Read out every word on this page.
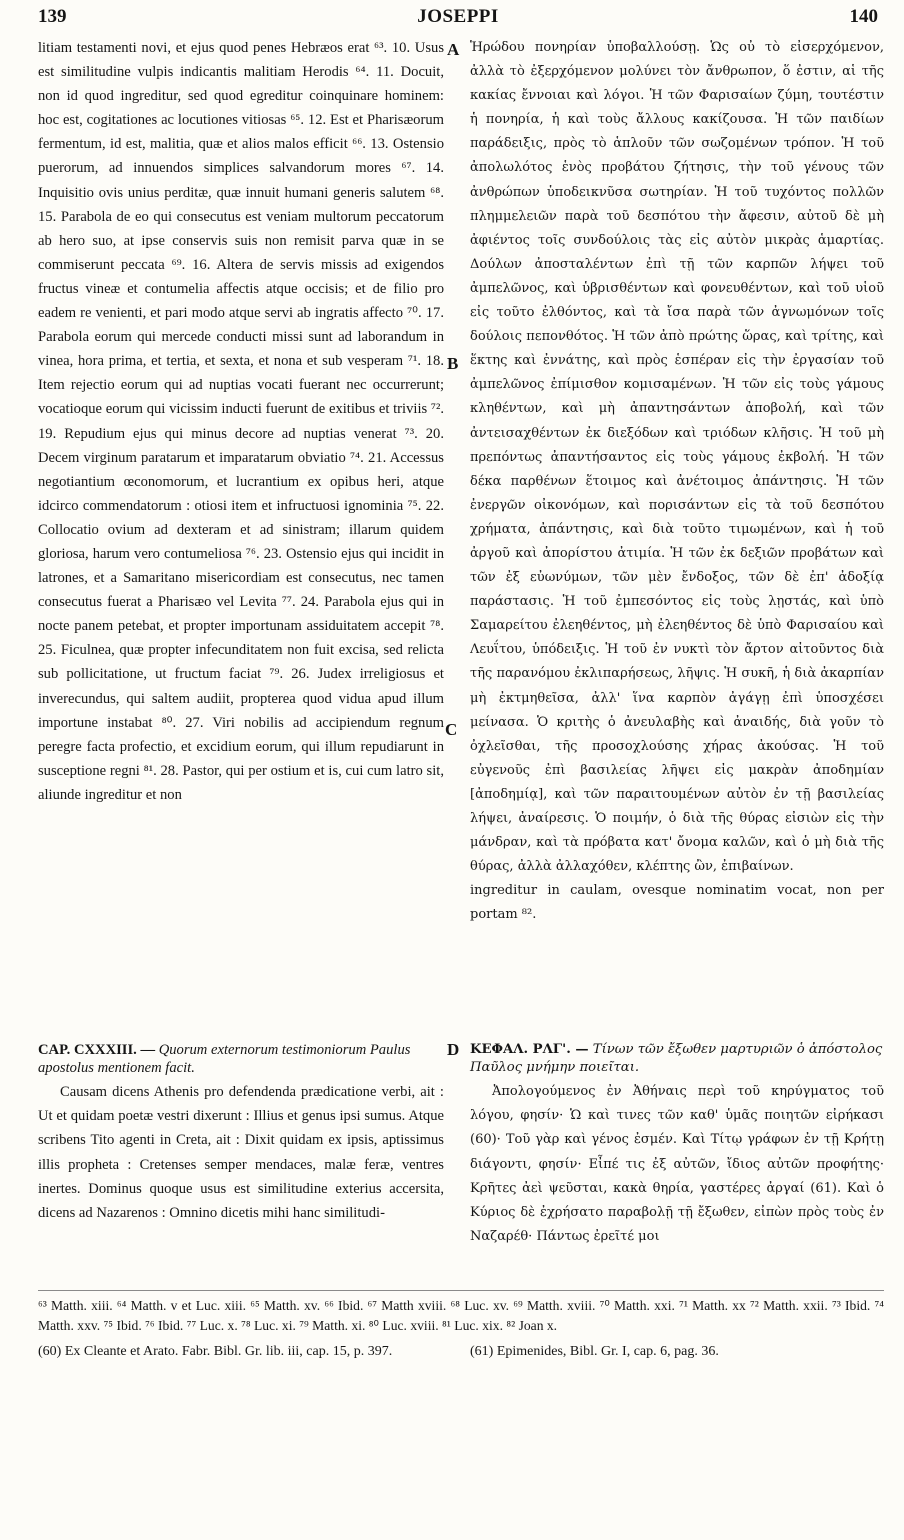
139	JOSEPPI	140

litiam testamenti novi, et ejus quod penes Hebræos erat ⁶³. 10. Usus est similitudine vulpis indicantis malitiam Herodis ⁶⁴. 11. Docuit, non id quod ingreditur, sed quod egreditur coinquinare hominem: hoc est, cogitationes ac locutiones vitiosas ⁶⁵. 12. Est et Pharisæorum fermentum, id est, malitia, quæ et alios malos efficit ⁶⁶. 13. Ostensio puerorum, ad innuendos simplices salvandorum mores ⁶⁷. 14. Inquisitio ovis unius perditæ, quæ innuit humani generis salutem ⁶⁸. 15. Parabola de eo qui consecutus est veniam multorum peccatorum ab hero suo, at ipse conservis suis non remisit parva quæ in se commiserunt peccata ⁶⁹. 16. Altera de servis missis ad exigendos fructus vineæ et contumelia affectis atque occisis; et de filio pro eadem re venienti, et pari modo atque servi ab ingratis affecto ⁷⁰. 17. Parabola eorum qui mercede conducti missi sunt ad laborandum in vinea, hora prima, et tertia, et sexta, et nona et sub vesperam ⁷¹. 18. Item rejectio eorum qui ad nuptias vocati fuerant nec occurrerunt; vocatioque eorum qui vicissim inducti fuerunt de exitibus et triviis ⁷². 19. Repudium ejus qui minus decore ad nuptias venerat ⁷³. 20. Decem virginum paratarum et imparatarum obviatio ⁷⁴. 21. Accessus negotiantium œconomorum, et lucrantium ex opibus heri, atque idcirco commendatorum : otiosi item et infructuosi ignominia ⁷⁵. 22. Collocatio ovium ad dexteram et ad sinistram; illarum quidem gloriosa, harum vero contumeliosa ⁷⁶. 23. Ostensio ejus qui incidit in latrones, et a Samaritano misericordiam est consecutus, nec tamen consecutus fuerat a Pharisæo vel Levita ⁷⁷. 24. Parabola ejus qui in nocte panem petebat, et propter importunam assiduitatem accepit ⁷⁸. 25. Ficulnea, quæ propter infecunditatem non fuit excisa, sed relicta sub pollicitatione, ut fructum faciat ⁷⁹. 26. Judex irreligiosus et inverecundus, qui saltem audiit, propterea quod vidua apud illum importune instabat ⁸⁰. 27. Viri nobilis ad accipiendum regnum peregre facta profectio, et excidium eorum, qui illum repudiarunt in susceptione regni ⁸¹. 28. Pastor, qui per ostium et is, cui cum latro sit, aliunde ingreditur et non

Ἡρώδου πονηρίαν ὑποβαλλούσῃ. Ὡς οὐ τὸ εἰσερχόμενον, ἀλλὰ τὸ ἐξερχόμενον μολύνει τὸν ἄνθρωπον, ὅ ἐστιν, αἱ τῆς κακίας ἔννοιαι καὶ λόγοι. Ἡ τῶν Φαρισαίων ζύμη, τουτέστιν ἡ πονηρία, ἡ καὶ τοὺς ἄλλους κακίζουσα. Ἡ τῶν παιδίων παράδειξις, πρὸς τὸ ἁπλοῦν τῶν σωζομένων τρόπον. Ἡ τοῦ ἀπολωλότος ἑνὸς προβάτου ζήτησις, τὴν τοῦ γένους τῶν ἀνθρώπων ὑποδεικνῦσα σωτηρίαν. Ἡ τοῦ τυχόντος πολλῶν πλημμελειῶν παρὰ τοῦ δεσπότου τὴν ἄφεσιν, αὐτοῦ δὲ μὴ ἀφιέντος τοῖς συνδούλοις τὰς εἰς αὐτὸν μικρὰς ἁμαρτίας. Δούλων ἀποσταλέντων ἐπὶ τῇ τῶν καρπῶν λήψει τοῦ ἀμπελῶνος, καὶ ὑβρισθέντων καὶ φονευθέντων, καὶ τοῦ υἱοῦ εἰς τοῦτο ἐλθόντος, καὶ τὰ ἴσα παρὰ τῶν ἀγνωμόνων τοῖς δούλοις πεπονθότος. Ἡ τῶν ἀπὸ πρώτης ὥρας, καὶ τρίτης, καὶ ἕκτης καὶ ἐννάτης, καὶ πρὸς ἑσπέραν εἰς τὴν ἐργασίαν τοῦ ἀμπελῶνος ἐπίμισθον κομισαμένων. Ἡ τῶν εἰς τοὺς γάμους κληθέντων, καὶ μὴ ἀπαντησάντων ἀποβολή, καὶ τῶν ἀντεισαχθέντων ἐκ διεξόδων καὶ τριόδων κλῆσις. Ἡ τοῦ μὴ πρεπόντως ἀπαντήσαντος εἰς τοὺς γάμους ἐκβολή. Ἡ τῶν δέκα παρθένων ἕτοιμος καὶ ἀνέτοιμος ἀπάντησις. Ἡ τῶν ἐνεργῶν οἰκονόμων, καὶ πορισάντων εἰς τὰ τοῦ δεσπότου χρήματα, ἀπάντησις, καὶ διὰ τοῦτο τιμωμένων, καὶ ἡ τοῦ ἀργοῦ καὶ ἀπορίστου ἀτιμία. Ἡ τῶν ἐκ δεξιῶν προβάτων καὶ τῶν ἐξ εὐωνύμων, τῶν μὲν ἔνδοξος, τῶν δὲ ἐπ' ἀδοξίᾳ παράστασις. Ἡ τοῦ ἐμπεσόντος εἰς τοὺς λῃστάς, καὶ ὑπὸ Σαμαρείτου ἐλεηθέντος, μὴ ἐλεηθέντος δὲ ὑπὸ Φαρισαίου καὶ Λευΐτου, ὑπόδειξις. Ἡ τοῦ ἐν νυκτὶ τὸν ἄρτον αἰτοῦντος διὰ τῆς παρανόμου ἐκλιπαρήσεως, λῆψις. Ἡ συκῆ, ἡ διὰ ἀκαρπίαν μὴ ἐκτμηθεῖσα, ἀλλ' ἵνα καρπὸν ἀγάγῃ ἐπὶ ὑποσχέσει μείνασα. Ὁ κριτὴς ὁ ἀνευλαβὴς καὶ ἀναιδής, διὰ γοῦν τὸ ὀχλεῖσθαι, τῆς προσοχλούσης χήρας ἀκούσας. Ἡ τοῦ εὐγενοῦς ἐπὶ βασιλείας λῆψει εἰς μακρὰν ἀποδημίαν [ἀποδημίᾳ], καὶ τῶν παραιτουμένων αὐτὸν ἐν τῇ βασιλείας λήψει, ἀναίρεσις. Ὁ ποιμήν, ὁ διὰ τῆς θύρας εἰσιὼν εἰς τὴν μάνδραν, καὶ τὰ πρόβατα κατ' ὄνομα καλῶν, καὶ ὁ μὴ διὰ τῆς θύρας, ἀλλὰ ἀλλαχόθεν, κλέπτης ὢν, ἐπιβαίνων.

ingreditur in caulam, ovesque nominatim vocat, non per portam ⁸².

A
B
C
D
CAP. CXXXIII. — Quorum externorum testimoniorum Paulus apostolus mentionem facit.
ΚΕΦΑΛ. ΡΛΓ'. — Τίνων τῶν ἔξωθεν μαρτυριῶν ὁ ἀπόστολος Παῦλος μνήμην ποιεῖται.

Causam dicens Athenis pro defendenda prædicatione verbi, ait : Ut et quidam poetæ vestri dixerunt : Illius et genus ipsi sumus. Atque scribens Tito agenti in Creta, ait : Dixit quidam ex ipsis, aptissimus illis propheta : Cretenses semper mendaces, malæ feræ, ventres inertes. Dominus quoque usus est similitudine exterius accersita, dicens ad Nazarenos : Omnino dicetis mihi hanc similitudi-

Ἀπολογούμενος ἐν Ἀθήναις περὶ τοῦ κηρύγματος τοῦ λόγου, φησίν· Ὡ καὶ τινες τῶν καθ' ὑμᾶς ποιητῶν εἰρήκασι (60)· Τοῦ γὰρ καὶ γένος ἐσμέν. Καὶ Τίτῳ γράφων ἐν τῇ Κρήτῃ διάγοντι, φησίν· Εἶπέ τις ἐξ αὐτῶν, ἴδιος αὐτῶν προφήτης· Κρῆτες ἀεὶ ψεῦσται, κακὰ θηρία, γαστέρες ἀργαί (61). Καὶ ὁ Κύριος δὲ ἐχρήσατο παραβολῇ τῇ ἔξωθεν, εἰπὼν πρὸς τοὺς ἐν Ναζαρέθ· Πάντως ἐρεῖτέ μοι

⁶³ Matth. xiii. ⁶⁴ Matth. v et Luc. xiii. ⁶⁵ Matth. xv. ⁶⁶ Ibid. ⁶⁷ Matth xviii. ⁶⁸ Luc. xv. ⁶⁹ Matth. xviii. ⁷⁰ Matth. xxi. ⁷¹ Matth. xx ⁷² Matth. xxii. ⁷³ Ibid. ⁷⁴ Matth. xxv. ⁷⁵ Ibid. ⁷⁶ Ibid. ⁷⁷ Luc. x. ⁷⁸ Luc. xi. ⁷⁹ Matth. xi. ⁸⁰ Luc. xviii. ⁸¹ Luc. xix. ⁸² Joan x.
(60) Ex Cleante et Arato. Fabr. Bibl. Gr. lib. iii, cap. 15, p. 397.	(61) Epimenides, Bibl. Gr. I, cap. 6, pag. 36.
